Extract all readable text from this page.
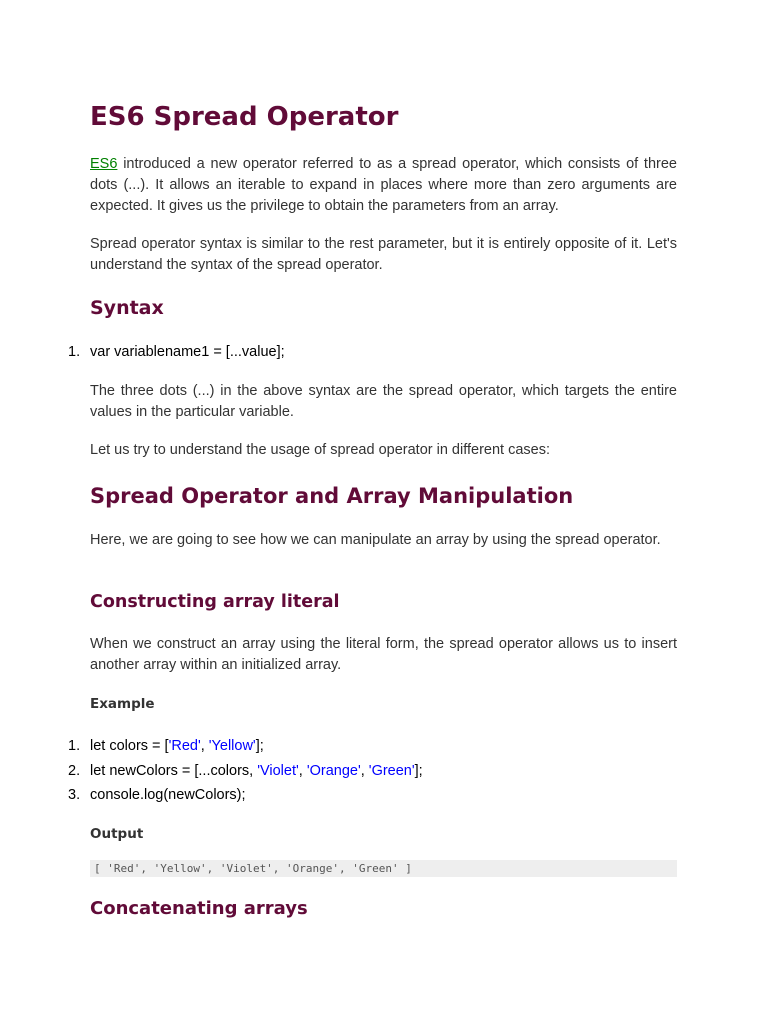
ES6 Spread Operator

ES6 introduced a new operator referred to as a spread operator, which consists of three dots (...). It allows an iterable to expand in places where more than zero arguments are expected. It gives us the privilege to obtain the parameters from an array.

Spread operator syntax is similar to the rest parameter, but it is entirely opposite of it. Let's understand the syntax of the spread operator.

Syntax
1. var variablename1 = [...value];

The three dots (...) in the above syntax are the spread operator, which targets the entire values in the particular variable.

Let us try to understand the usage of spread operator in different cases:

Spread Operator and Array Manipulation

Here, we are going to see how we can manipulate an array by using the spread operator.

Constructing array literal

When we construct an array using the literal form, the spread operator allows us to insert another array within an initialized array.

Example
1. let colors = ['Red', 'Yellow'];
2. let newColors = [...colors, 'Violet', 'Orange', 'Green'];
3. console.log(newColors);
Output
[ 'Red', 'Yellow', 'Violet', 'Orange', 'Green' ]
Concatenating arrays
